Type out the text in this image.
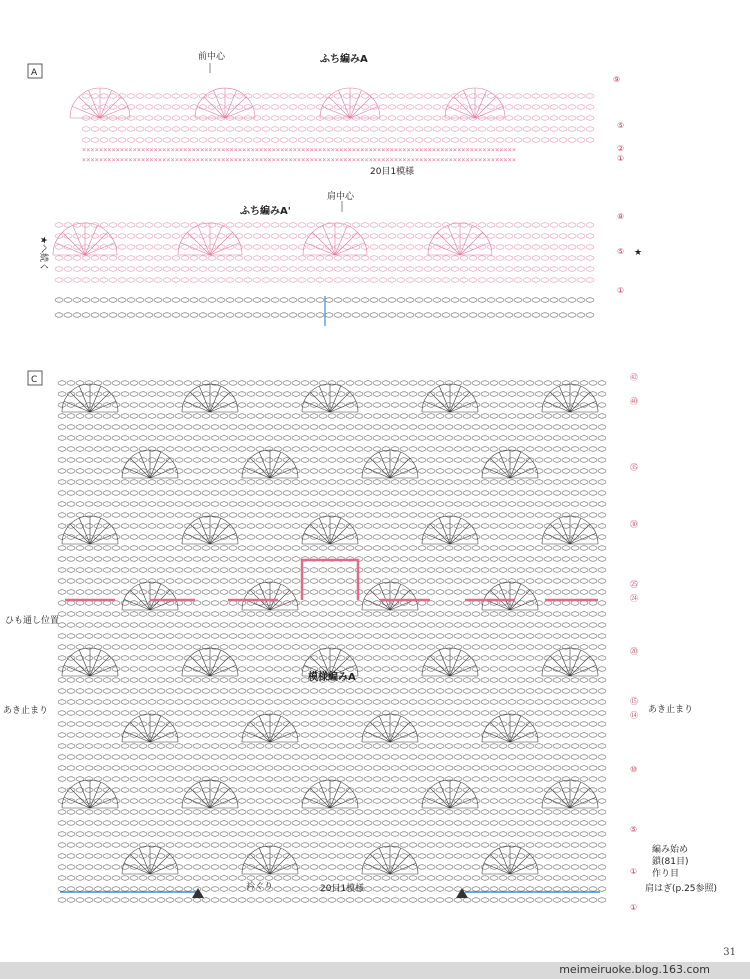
×××××××××××××××××××××××××××××××××××××××××××××××××××××××××××××××××××××××××××××××××××××××××××××××××××××××
×××××××××××××××××××××××××××××××××××××××××××××××××××××××××××××××××××××××××××××××××××××××××××××××××××××××
A
前中心	ふち編みA
20目1模様
⑨
⑤
②
①
肩中心
ふち編みA'	⑧
⑤
①
★
★へ続く
C
模様編みA
ひも通し位置
あき止まり	あき止まり
編み始め
鎖(81目)
作り目
衿ぐり	20目1模様	肩はぎ(p.25参照)
㊷
㊵
㉟
㉚
㉕
㉔
⑳
⑮
⑭
⑩
⑤
①
①
31
meimeiruoke.blog.163.com
